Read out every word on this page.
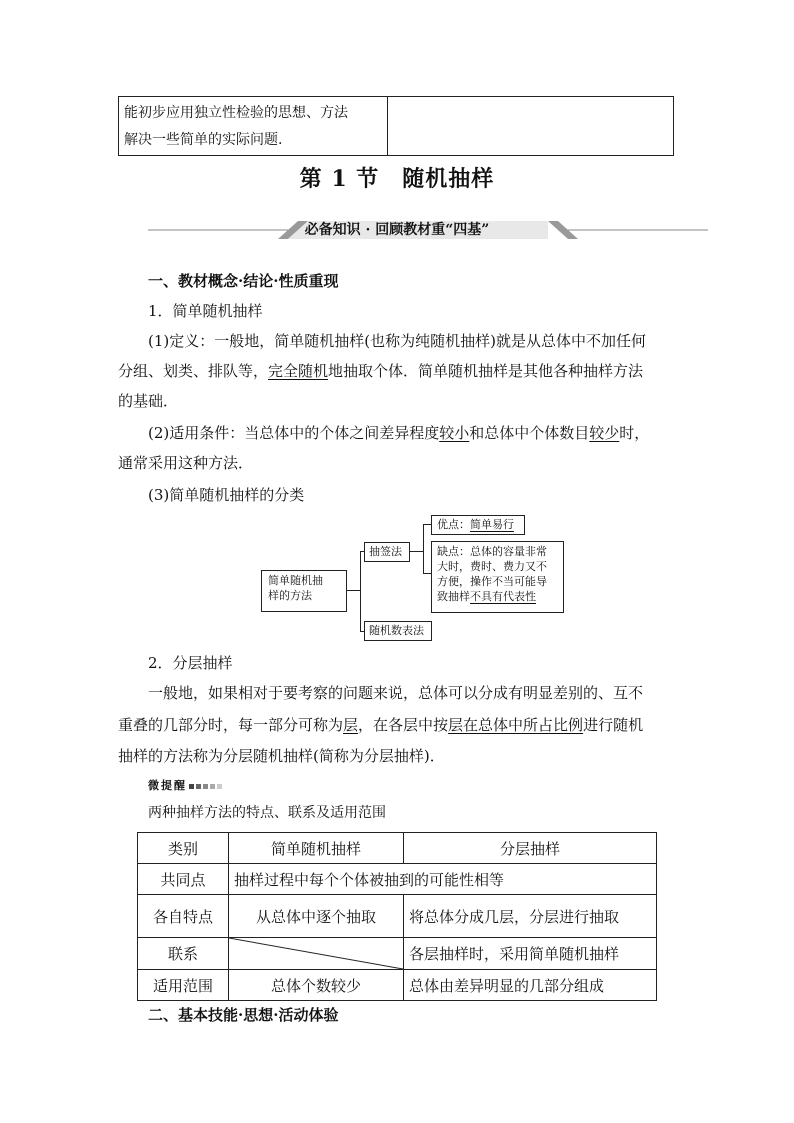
能初步应用独立性检验的思想、方法
解决一些简单的实际问题.
第 1 节　随机抽样
必备知识 · 回顾教材重“四基”
一、教材概念·结论·性质重现
1．简单随机抽样
(1)定义：一般地，简单随机抽样(也称为纯随机抽样)就是从总体中不加任何
分组、划类、排队等，完全随机地抽取个体．简单随机抽样是其他各种抽样方法
的基础．
(2)适用条件：当总体中的个体之间差异程度较小和总体中个体数目较少时，
通常采用这种方法．
(3)简单随机抽样的分类
简单随机抽
样的方法
抽签法
随机数表法
优点：简单易行
缺点：总体的容量非常
大时，费时、费力又不
方便，操作不当可能导
致抽样不具有代表性
2．分层抽样
一般地，如果相对于要考察的问题来说，总体可以分成有明显差别的、互不
重叠的几部分时，每一部分可称为层，在各层中按层在总体中所占比例进行随机
抽样的方法称为分层随机抽样(简称为分层抽样)．
微提醒
两种抽样方法的特点、联系及适用范围
类别	简单随机抽样	分层抽样
共同点	抽样过程中每个个体被抽到的可能性相等	
各自特点	从总体中逐个抽取	将总体分成几层，分层进行抽取
联系		各层抽样时，采用简单随机抽样
适用范围	总体个数较少	总体由差异明显的几部分组成
二、基本技能·思想·活动体验
